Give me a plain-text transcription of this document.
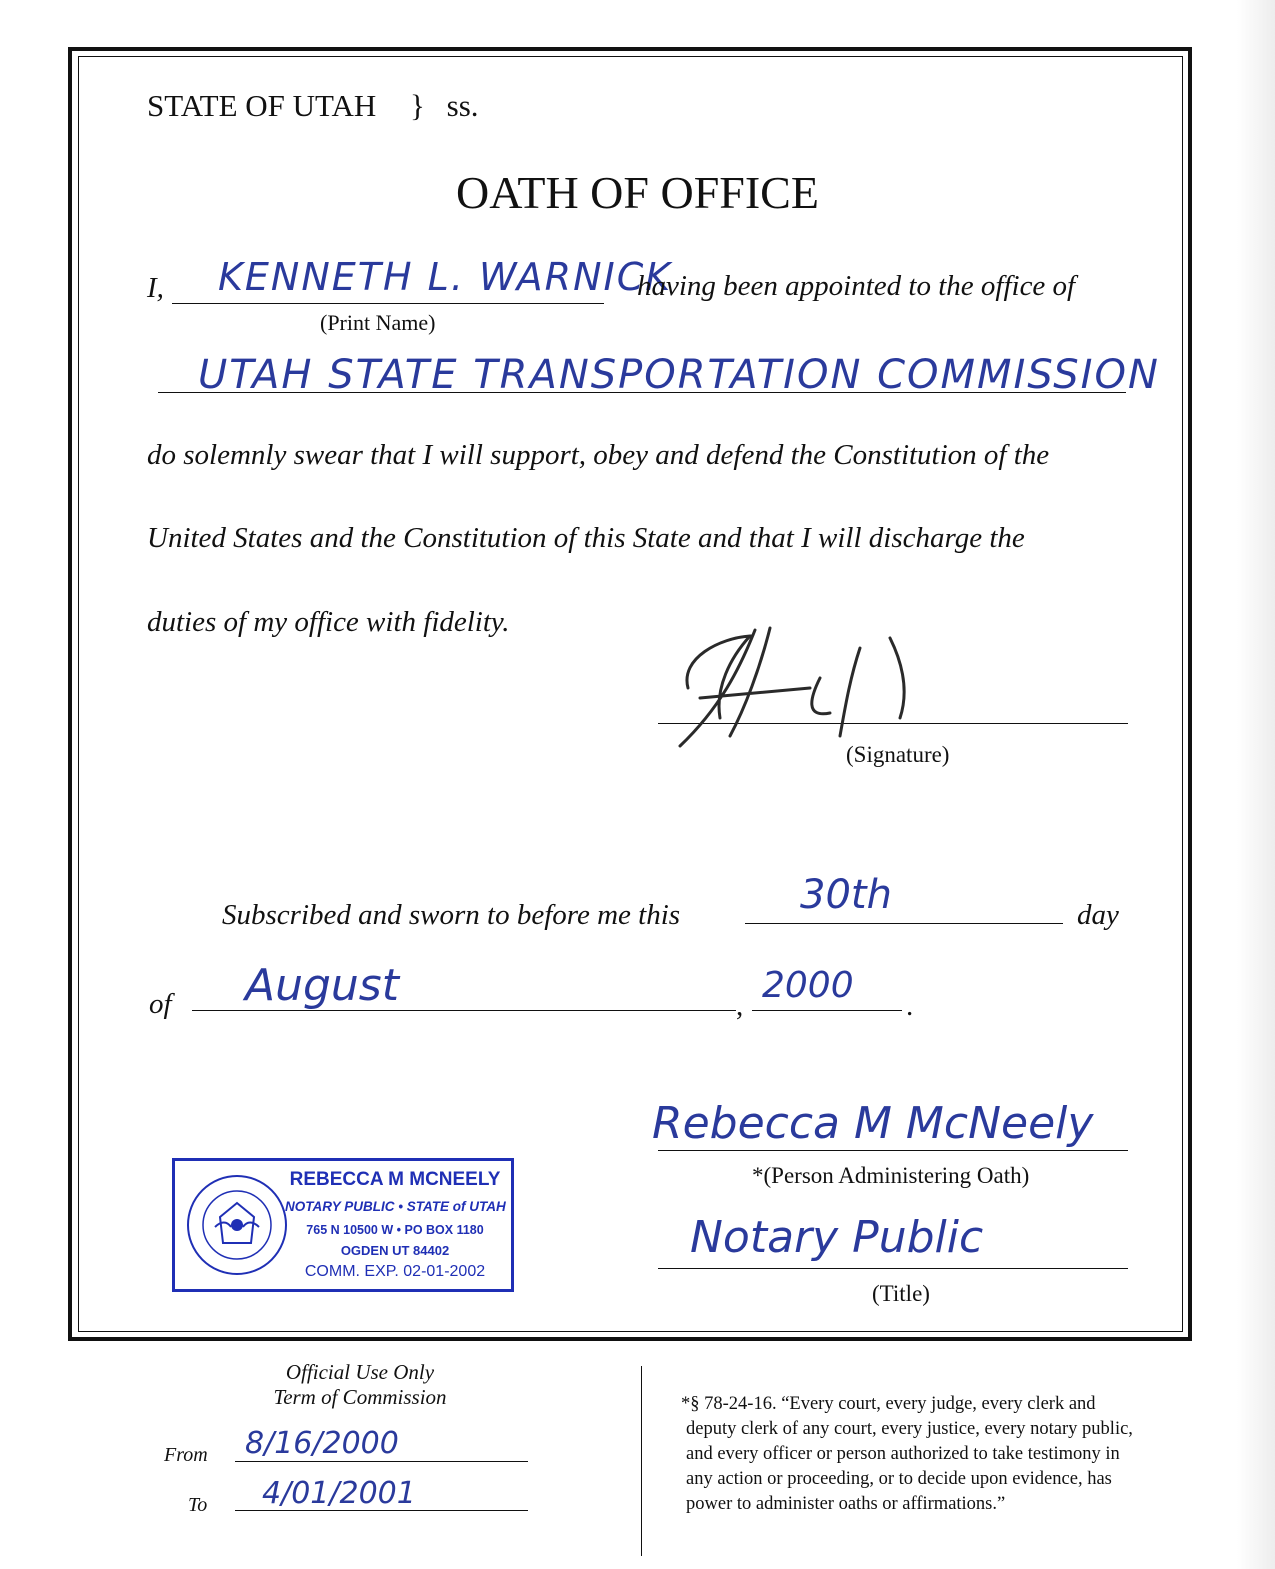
STATE OF UTAH } ss.
OATH OF OFFICE
I, KENNETH L. WARNICK
having been appointed to the office of
(Print Name)
UTAH STATE TRANSPORTATION COMMISSION
do solemnly swear that I will support, obey and defend the Constitution of the
United States and the Constitution of this State and that I will discharge the
duties of my office with fidelity.
(Signature)
Subscribed and sworn to before me this	30th	day
of August	, 2000 .
Rebecca M McNeely
*(Person Administering Oath)
Notary Public
(Title)
REBECCA M MCNEELY
NOTARY PUBLIC • STATE of UTAH
765 N 10500 W • PO BOX 1180
OGDEN UT 84402
COMM. EXP. 02-01-2002
Official Use Only
Term of Commission
From 8/16/2000
To 4/01/2001
*§ 78-24-16. “Every court, every judge, every clerk and
deputy clerk of any court, every justice, every notary public,
and every officer or person authorized to take testimony in
any action or proceeding, or to decide upon evidence, has
power to administer oaths or affirmations.”
